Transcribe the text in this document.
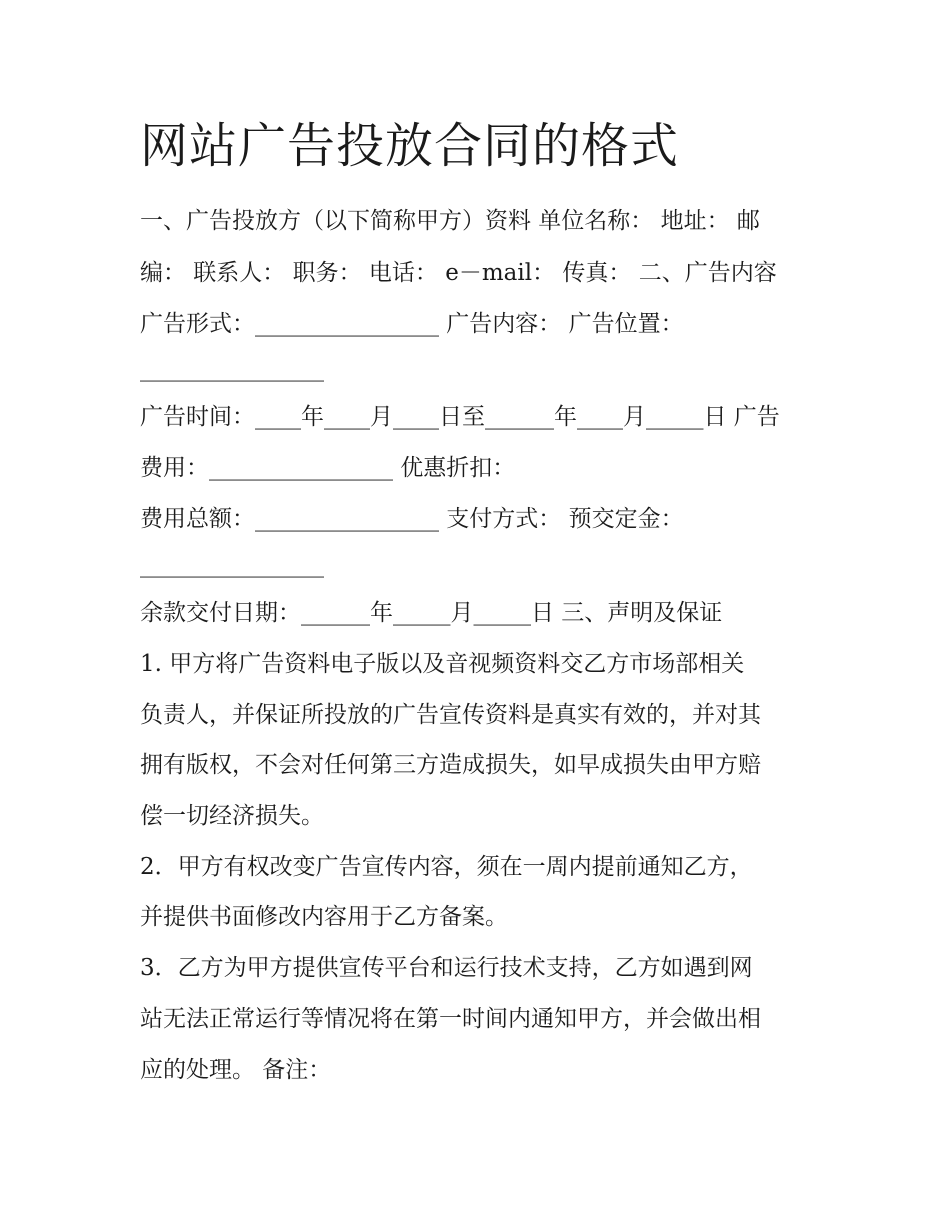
网站广告投放合同的格式

一、广告投放方（以下简称甲方）资料 单位名称： 地址： 邮

编： 联系人： 职务： 电话： e－mail： 传真： 二、广告内容

广告形式：________________ 广告内容： 广告位置：

________________

广告时间：____年____月____日至______年____月_____日 广告

费用：________________ 优惠折扣：

费用总额：________________ 支付方式： 预交定金：

________________

余款交付日期：______年_____月_____日 三、声明及保证

1. 甲方将广告资料电子版以及音视频资料交乙方市场部相关

负责人，并保证所投放的广告宣传资料是真实有效的，并对其

拥有版权，不会对任何第三方造成损失，如早成损失由甲方赔

偿一切经济损失。

2．甲方有权改变广告宣传内容，须在一周内提前通知乙方，

并提供书面修改内容用于乙方备案。

3．乙方为甲方提供宣传平台和运行技术支持，乙方如遇到网

站无法正常运行等情况将在第一时间内通知甲方，并会做出相

应的处理。 备注：
